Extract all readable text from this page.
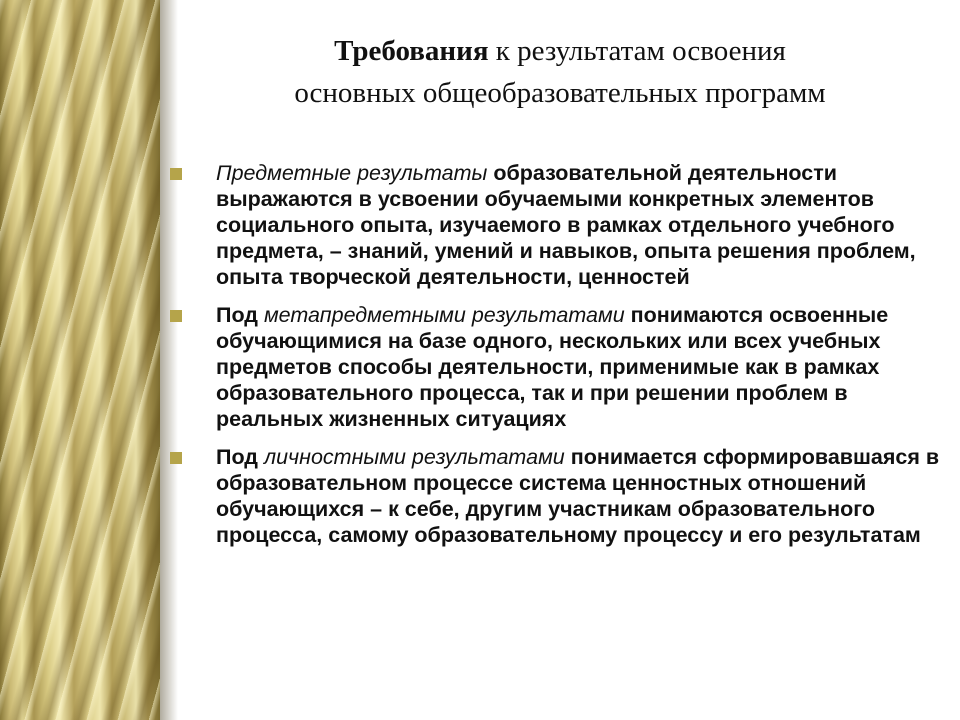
Требования к результатам освоения
основных общеобразовательных программ
Предметные результаты образовательной деятельности выражаются в усвоении обучаемыми конкретных элементов социального опыта, изучаемого в рамках отдельного учебного предмета, – знаний, умений и навыков, опыта решения проблем, опыта творческой деятельности, ценностей
Под метапредметными результатами понимаются освоенные обучающимися на базе одного, нескольких или всех учебных предметов способы деятельности, применимые как в рамках образовательного процесса, так и при решении проблем в реальных жизненных ситуациях
Под личностными результатами понимается сформировавшаяся в образовательном процессе система ценностных отношений обучающихся – к себе, другим участникам образовательного процесса, самому образовательному процессу и его результатам
